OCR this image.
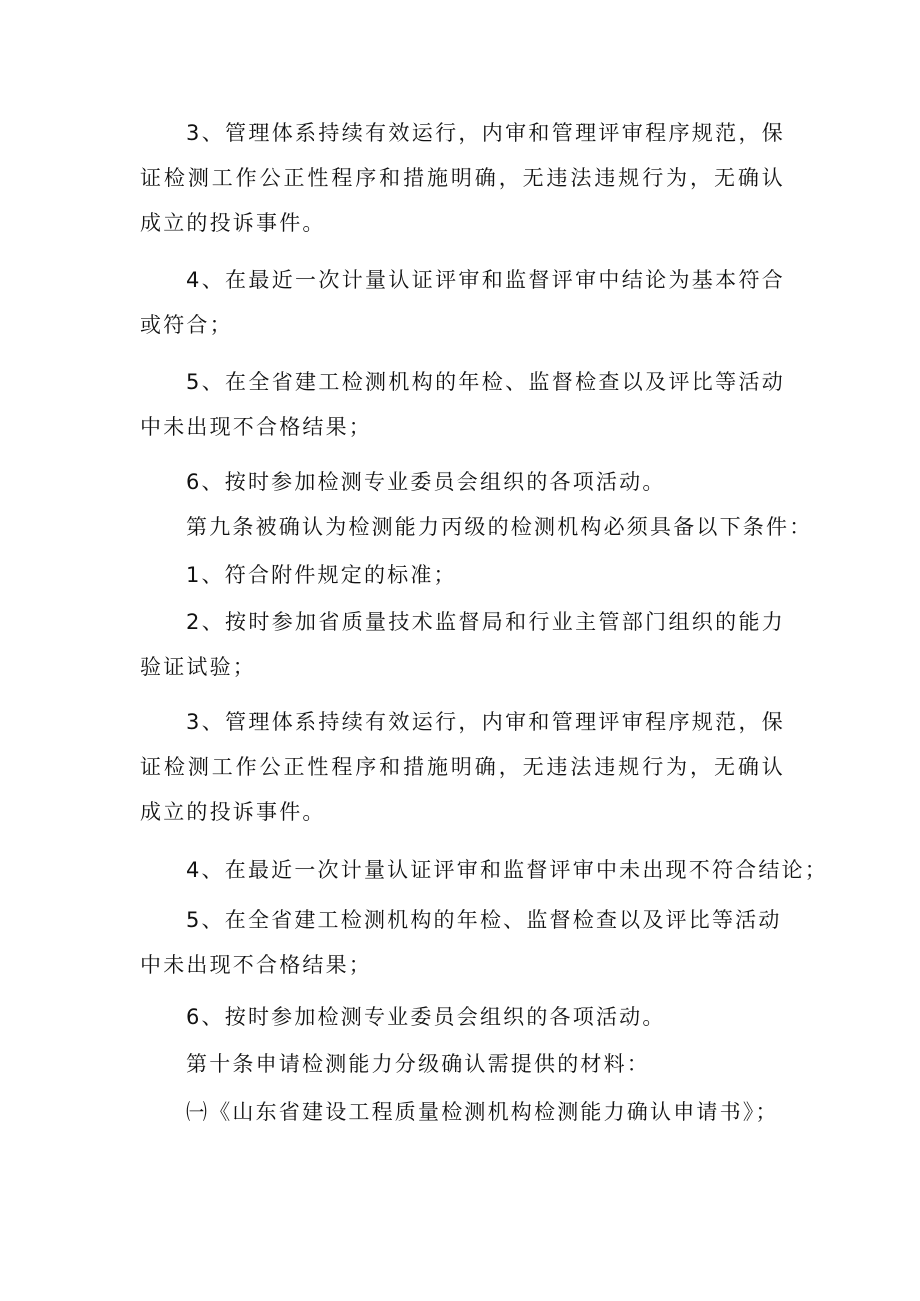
3、管理体系持续有效运行，内审和管理评审程序规范，保证检测工作公正性程序和措施明确，无违法违规行为，无确认成立的投诉事件。

4、在最近一次计量认证评审和监督评审中结论为基本符合或符合；

5、在全省建工检测机构的年检、监督检查以及评比等活动中未出现不合格结果；

6、按时参加检测专业委员会组织的各项活动。

第九条被确认为检测能力丙级的检测机构必须具备以下条件：

1、符合附件规定的标准；

2、按时参加省质量技术监督局和行业主管部门组织的能力验证试验；

3、管理体系持续有效运行，内审和管理评审程序规范，保证检测工作公正性程序和措施明确，无违法违规行为，无确认成立的投诉事件。

4、在最近一次计量认证评审和监督评审中未出现不符合结论；

5、在全省建工检测机构的年检、监督检查以及评比等活动

中未出现不合格结果；

6、按时参加检测专业委员会组织的各项活动。

第十条申请检测能力分级确认需提供的材料：

㈠《山东省建设工程质量检测机构检测能力确认申请书》；
